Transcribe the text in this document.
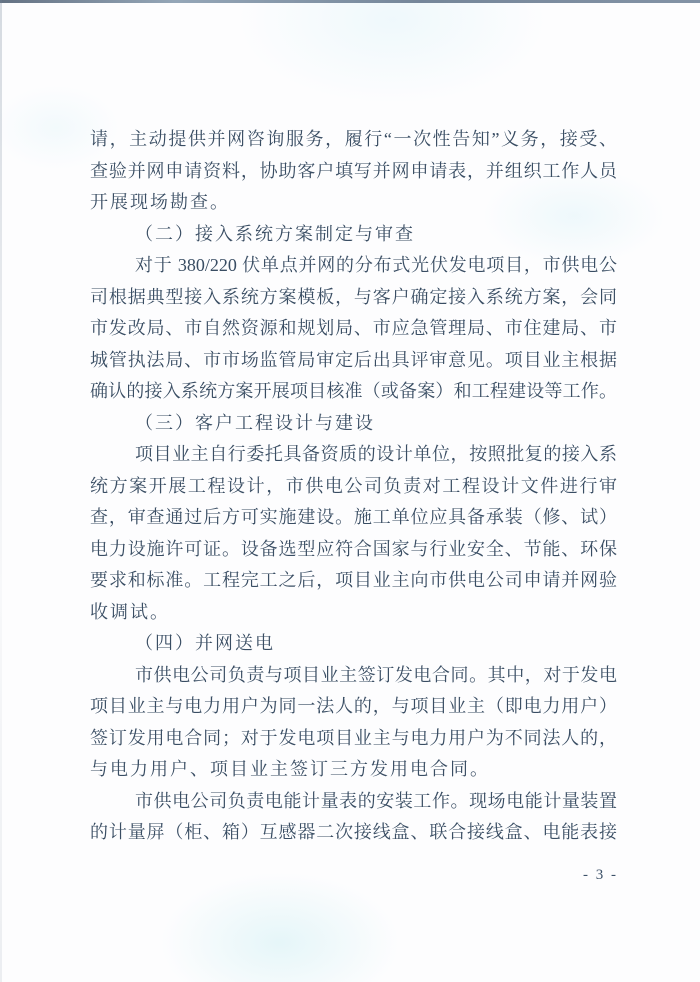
请，主动提供并网咨询服务，履行“一次性告知”义务，接受、
查验并网申请资料，协助客户填写并网申请表，并组织工作人员
开展现场勘查。
（二）接入系统方案制定与审查
对于 380/220 伏单点并网的分布式光伏发电项目，市供电公
司根据典型接入系统方案模板，与客户确定接入系统方案，会同
市发改局、市自然资源和规划局、市应急管理局、市住建局、市
城管执法局、市市场监管局审定后出具评审意见。项目业主根据
确认的接入系统方案开展项目核准（或备案）和工程建设等工作。
（三）客户工程设计与建设
项目业主自行委托具备资质的设计单位，按照批复的接入系
统方案开展工程设计，市供电公司负责对工程设计文件进行审
查，审查通过后方可实施建设。施工单位应具备承装（修、试）
电力设施许可证。设备选型应符合国家与行业安全、节能、环保
要求和标准。工程完工之后，项目业主向市供电公司申请并网验
收调试。
（四）并网送电
市供电公司负责与项目业主签订发电合同。其中，对于发电
项目业主与电力用户为同一法人的，与项目业主（即电力用户）
签订发用电合同；对于发电项目业主与电力用户为不同法人的，
与电力用户、项目业主签订三方发用电合同。
市供电公司负责电能计量表的安装工作。现场电能计量装置
的计量屏（柜、箱）互感器二次接线盒、联合接线盒、电能表接
- 3 -
